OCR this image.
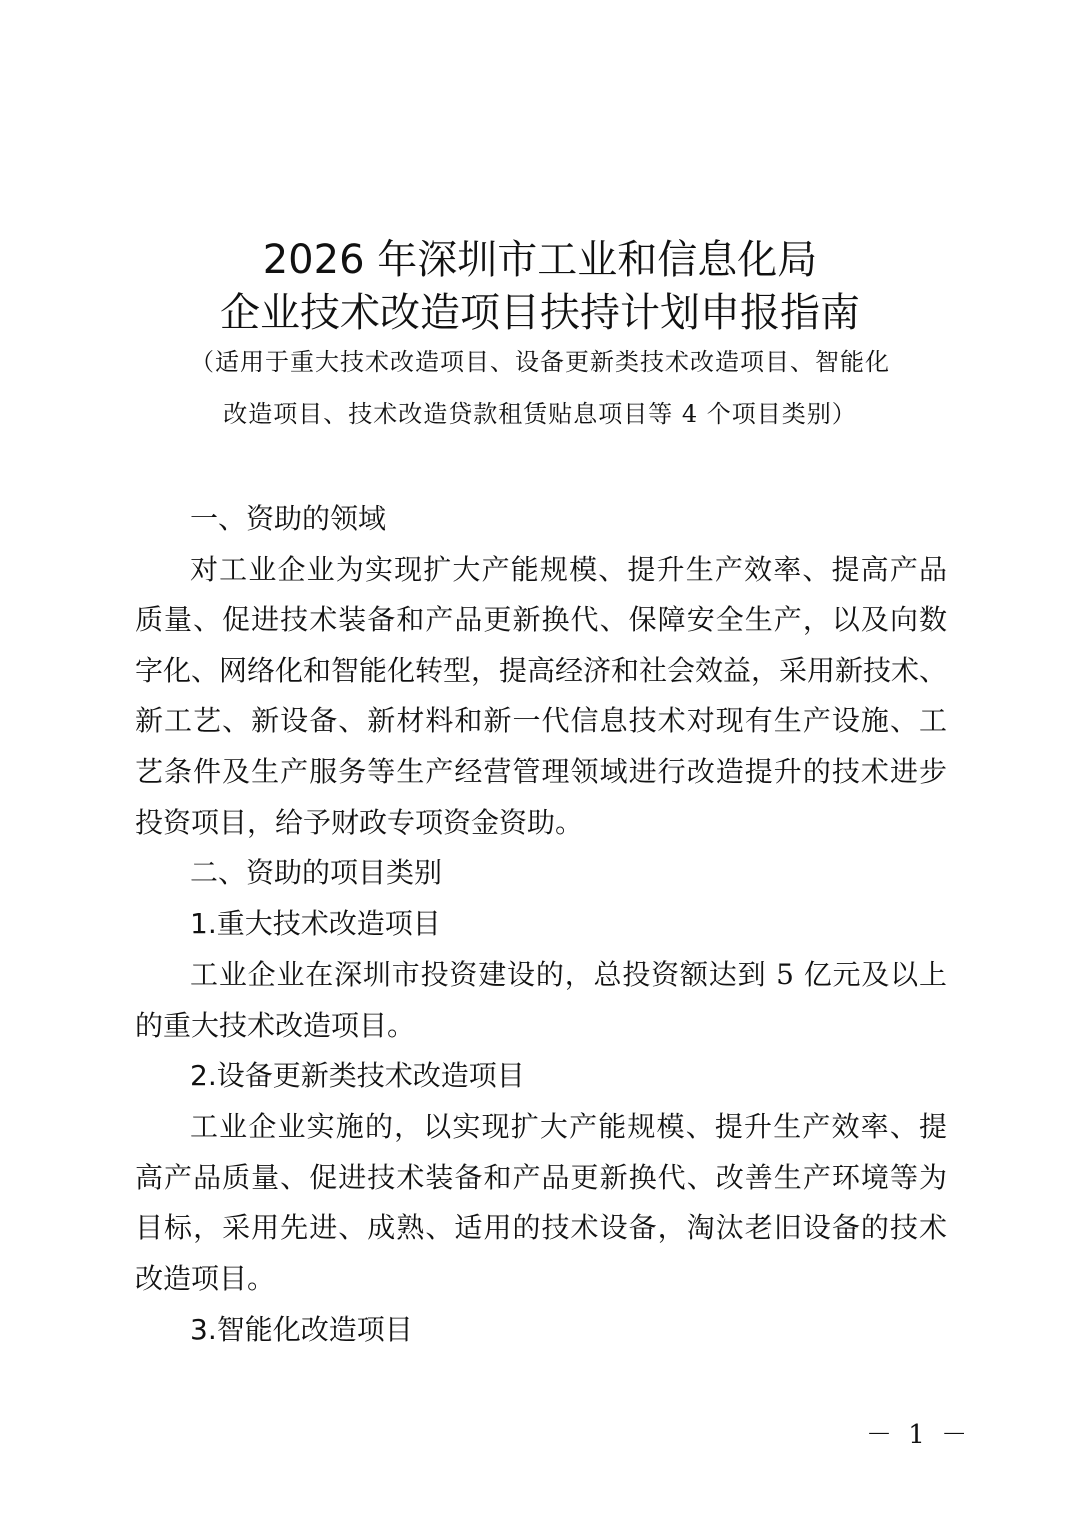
2026 年深圳市工业和信息化局
企业技术改造项目扶持计划申报指南
（适用于重大技术改造项目、设备更新类技术改造项目、智能化
改造项目、技术改造贷款租赁贴息项目等 4 个项目类别）
一、资助的领域
对工业企业为实现扩大产能规模、提升生产效率、提高产品
质量、促进技术装备和产品更新换代、保障安全生产，以及向数
字化、网络化和智能化转型，提高经济和社会效益，采用新技术、
新工艺、新设备、新材料和新一代信息技术对现有生产设施、工
艺条件及生产服务等生产经营管理领域进行改造提升的技术进步
投资项目，给予财政专项资金资助。
二、资助的项目类别
1.重大技术改造项目
工业企业在深圳市投资建设的，总投资额达到 5 亿元及以上
的重大技术改造项目。
2.设备更新类技术改造项目
工业企业实施的，以实现扩大产能规模、提升生产效率、提
高产品质量、促进技术装备和产品更新换代、改善生产环境等为
目标，采用先进、成熟、适用的技术设备，淘汰老旧设备的技术
改造项目。
3.智能化改造项目
－ 1 －
